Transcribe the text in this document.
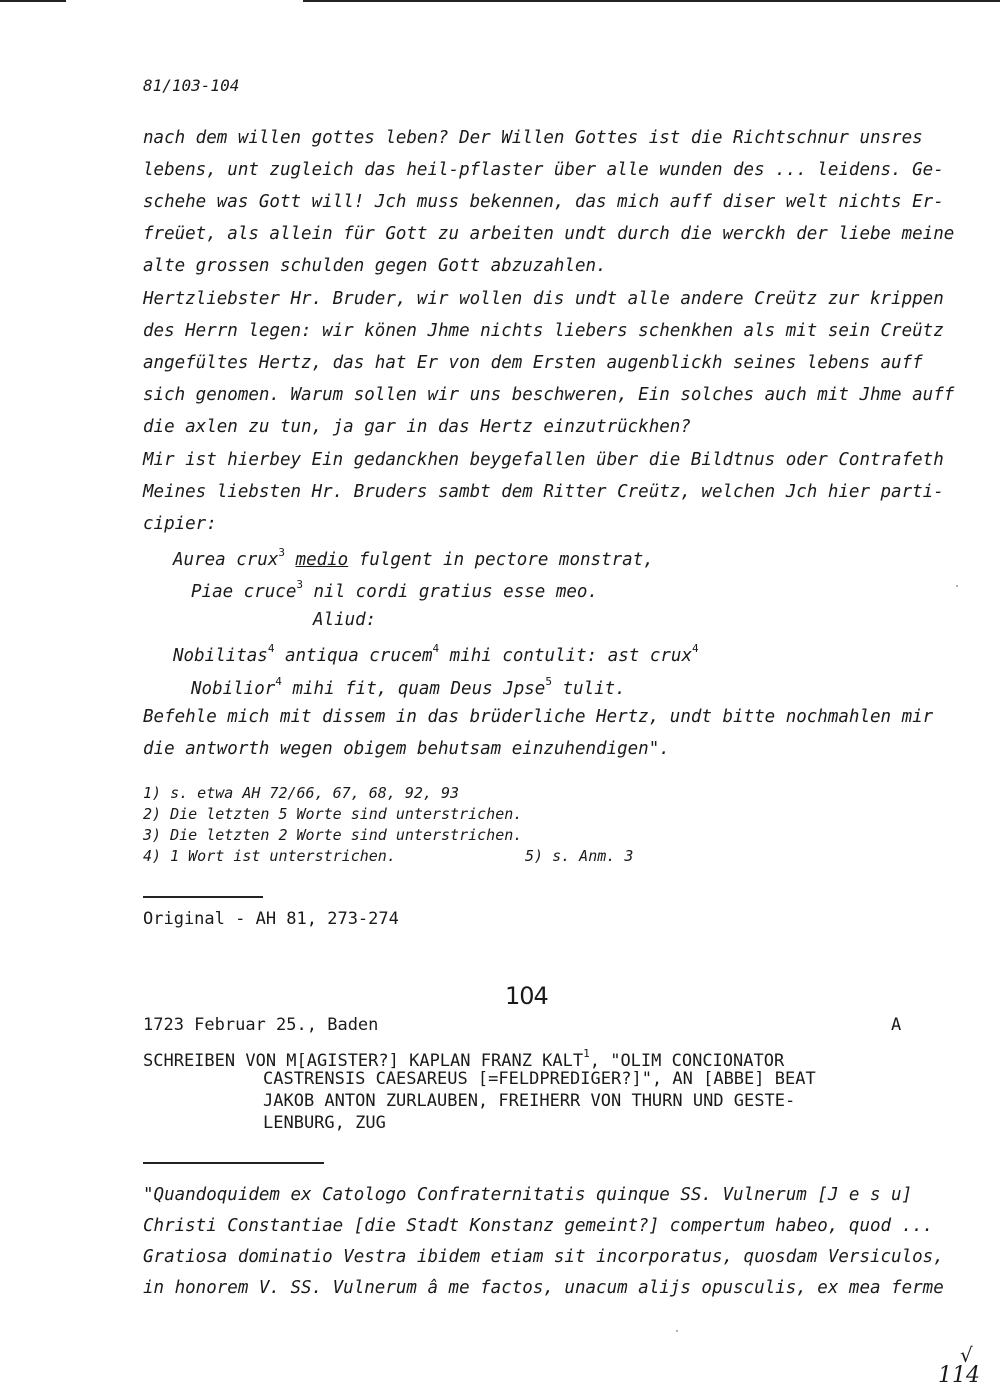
81/103-104
nach dem willen gottes leben? Der Willen Gottes ist die Richtschnur unsres
lebens, unt zugleich das heil-pflaster über alle wunden des ... leidens. Ge-
schehe was Gott will! Jch muss bekennen, das mich auff diser welt nichts Er-
freüet, als allein für Gott zu arbeiten undt durch die werckh der liebe meine
alte grossen schulden gegen Gott abzuzahlen.
Hertzliebster Hr. Bruder, wir wollen dis undt alle andere Creütz zur krippen
des Herrn legen: wir könen Jhme nichts liebers schenkhen als mit sein Creütz
angefültes Hertz, das hat Er von dem Ersten augenblickh seines lebens auff
sich genomen. Warum sollen wir uns beschweren, Ein solches auch mit Jhme auff
die axlen zu tun, ja gar in das Hertz einzutrückhen?
Mir ist hierbey Ein gedanckhen beygefallen über die Bildtnus oder Contrafeth
Meines liebsten Hr. Bruders sambt dem Ritter Creütz, welchen Jch hier parti-
cipier:
Aurea crux$^3$ medio fulgent in pectore monstrat,
Piae cruce$^3$ nil cordi gratius esse meo.
Aliud:
Nobilitas$^4$ antiqua crucem$^4$ mihi contulit: ast crux$^4$
Nobilior$^4$ mihi fit, quam Deus Jpse$^5$ tulit.
Befehle mich mit dissem in das brüderliche Hertz, undt bitte nochmahlen mir
die antworth wegen obigem behutsam einzuhendigen".
1) s. etwa AH 72/66, 67, 68, 92, 93
2) Die letzten 5 Worte sind unterstrichen.
3) Die letzten 2 Worte sind unterstrichen.
4) 1 Wort ist unterstrichen.	5) s. Anm. 3
Original - AH 81, 273-274
104
1723 Februar 25., Baden	A
SCHREIBEN VON M[AGISTER?] KAPLAN FRANZ KALT$^1$, "OLIM CONCIONATOR
CASTRENSIS CAESAREUS [=FELDPREDIGER?]", AN [ABBE] BEAT
JAKOB ANTON ZURLAUBEN, FREIHERR VON THURN UND GESTE-
LENBURG, ZUG
"Quandoquidem ex Catologo Confraternitatis quinque SS. Vulnerum [J e s u]
Christi Constantiae [die Stadt Konstanz gemeint?] compertum habeo, quod ...
Gratiosa dominatio Vestra ibidem etiam sit incorporatus, quosdam Versiculos,
in honorem V. SS. Vulnerum â me factos, unacum alijs opusculis, ex mea ferme
√
114
